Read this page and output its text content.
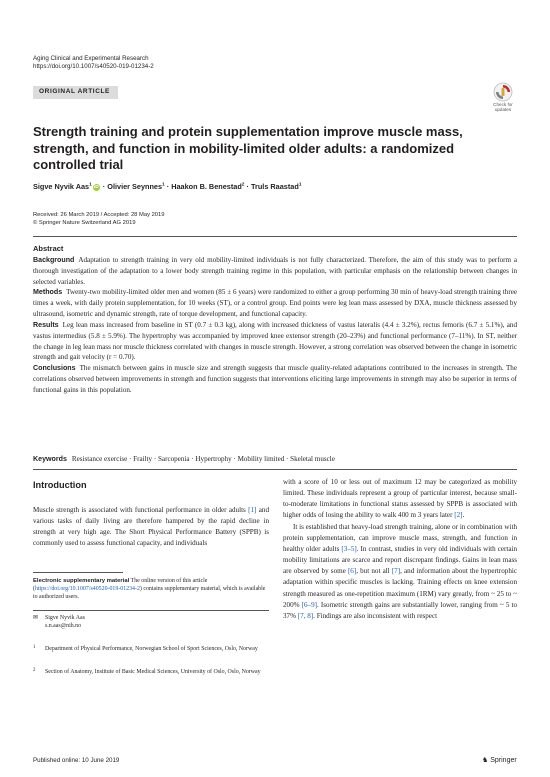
Aging Clinical and Experimental Research
https://doi.org/10.1007/s40520-019-01234-2
ORIGINAL ARTICLE
Check for
updates
Strength training and protein supplementation improve muscle mass, strength, and function in mobility-limited older adults: a randomized controlled trial
Sigve Nyvik Aas$^1$ iD · Olivier Seynnes$^1$ · Haakon B. Benestad$^2$ · Truls Raastad$^1$
Received: 26 March 2019 / Accepted: 28 May 2019
© Springer Nature Switzerland AG 2019
Abstract

Background Adaptation to strength training in very old mobility-limited individuals is not fully characterized. Therefore, the aim of this study was to perform a thorough investigation of the adaptation to a lower body strength training regime in this population, with particular emphasis on the relationship between changes in selected variables.

Methods Twenty-two mobility-limited older men and women (85 ± 6 years) were randomized to either a group performing 30 min of heavy-load strength training three times a week, with daily protein supplementation, for 10 weeks (ST), or a control group. End points were leg lean mass assessed by DXA, muscle thickness assessed by ultrasound, isometric and dynamic strength, rate of torque development, and functional capacity.

Results Leg lean mass increased from baseline in ST (0.7 ± 0.3 kg), along with increased thickness of vastus lateralis (4.4 ± 3.2%), rectus femoris (6.7 ± 5.1%), and vastus intermedius (5.8 ± 5.9%). The hypertrophy was accompanied by improved knee extensor strength (20–23%) and functional performance (7–11%). In ST, neither the change in leg lean mass nor muscle thickness correlated with changes in muscle strength. However, a strong correlation was observed between the change in isometric strength and gait velocity (r = 0.70).

Conclusions The mismatch between gains in muscle size and strength suggests that muscle quality-related adaptations contributed to the increases in strength. The correlations observed between improvements in strength and function suggests that interventions eliciting large improvements in strength may also be superior in terms of functional gains in this population.

Keywords Resistance exercise · Frailty · Sarcopenia · Hypertrophy · Mobility limited · Skeletal muscle
Introduction

Muscle strength is associated with functional performance in older adults [1] and various tasks of daily living are therefore hampered by the rapid decline in strength at very high age. The Short Physical Performance Battery (SPPB) is commonly used to assess functional capacity, and individuals

Electronic supplementary material The online version of this article (https://doi.org/10.1007/s40520-019-01234-2) contains supplementary material, which is available to authorized users.

✉ Sigve Nyvik Aas

s.n.aas@nih.no

1 Department of Physical Performance, Norwegian School of Sport Sciences, Oslo, Norway

2 Section of Anatomy, Institute of Basic Medical Sciences, University of Oslo, Oslo, Norway

with a score of 10 or less out of maximum 12 may be categorized as mobility limited. These individuals represent a group of particular interest, because small-to-moderate limitations in functional status assessed by SPPB is associated with higher odds of losing the ability to walk 400 m 3 years later [2].

It is established that heavy-load strength training, alone or in combination with protein supplementation, can improve muscle mass, strength, and function in healthy older adults [3–5]. In contrast, studies in very old individuals with certain mobility limitations are scarce and report discrepant findings. Gains in lean mass are observed by some [6], but not all [7], and information about the hypertrophic adaptation within specific muscles is lacking. Training effects on knee extension strength measured as one-repetition maximum (1RM) vary greatly, from ~ 25 to ~ 200% [6–9]. Isometric strength gains are substantially lower, ranging from ~ 5 to 37% [7, 8]. Findings are also inconsistent with respect

Published online: 10 June 2019	♞ Springer
